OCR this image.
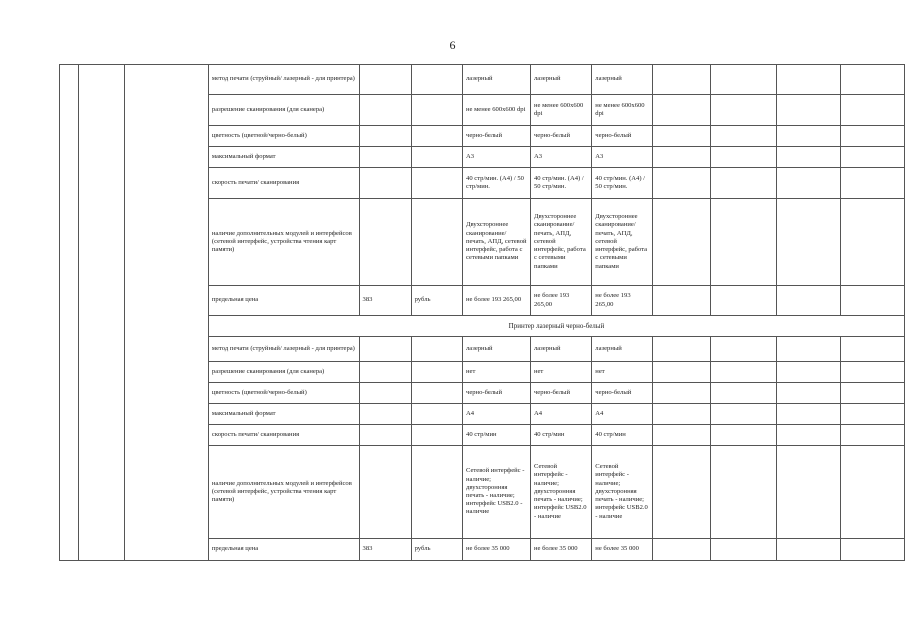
6
			метод печати (струйный/ лазерный - для принтера)			лазерный	лазерный	лазерный				
			разрешение сканирования (для сканера)			не менее 600x600 dpi	не менее 600x600 dpi	не менее 600x600 dpi				
			цветность (цветной/черно-белый)			черно-белый	черно-белый	черно-белый				
			максимальный формат			А3	А3	А3				
			скорость печати/ сканирования			40 стр/мин. (А4) / 50 стр/мин.	40 стр/мин. (А4) / 50 стр/мин.	40 стр/мин. (А4) / 50 стр/мин.				
			наличие дополнительных модулей и интерфейсов (сетевой интерфейс, устройства чтения карт памяти)			Двухстороннее сканирование/ печать, АПД, сетевой интерфейс, работа с сетевыми папками	Двухстороннее сканирование/ печать, АПД, сетевой интерфейс, работа с сетевыми папками	Двухстороннее сканирование/ печать, АПД, сетевой интерфейс, работа с сетевыми папками				
			предельная цена	383	рубль	не более 193 265,00	не более 193 265,00	не более 193 265,00				
			Принтер лазерный черно-белый									
			метод печати (струйный/ лазерный - для принтера)			лазерный	лазерный	лазерный				
			разрешение сканирования (для сканера)			нет	нет	нет				
			цветность (цветной/черно-белый)			черно-белый	черно-белый	черно-белый				
			максимальный формат			А4	А4	А4				
			скорость печати/ сканирования			40 стр/мин	40 стр/мин	40 стр/мин				
			наличие дополнительных модулей и интерфейсов (сетевой интерфейс, устройства чтения карт памяти)			Сетевой интерфейс - наличие; двухсторонняя печать - наличие; интерфейс USB2.0 - наличие	Сетевой интерфейс - наличие; двухсторонняя печать - наличие; интерфейс USB2.0 - наличие	Сетевой интерфейс - наличие; двухсторонняя печать - наличие; интерфейс USB2.0 - наличие				
			предельная цена	383	рубль	не более 35 000	не более 35 000	не более 35 000				
